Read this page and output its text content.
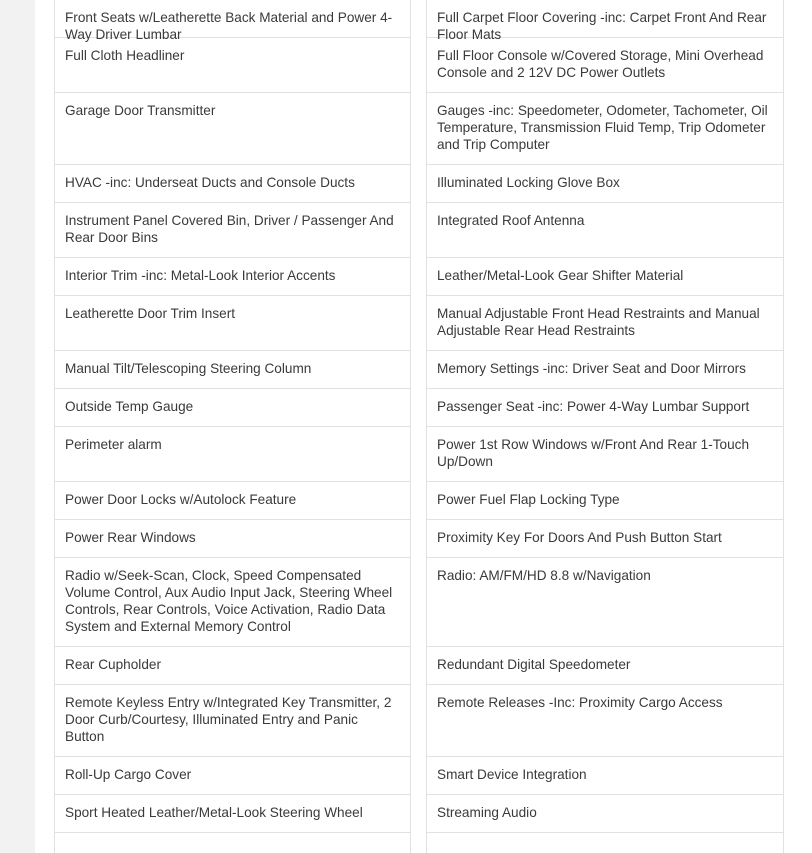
Front Seats w/Leatherette Back Material and Power 4-Way Driver Lumbar
Full Cloth Headliner
Garage Door Transmitter
HVAC -inc: Underseat Ducts and Console Ducts
Instrument Panel Covered Bin, Driver / Passenger And Rear Door Bins
Interior Trim -inc: Metal-Look Interior Accents
Leatherette Door Trim Insert
Manual Tilt/Telescoping Steering Column
Outside Temp Gauge
Perimeter alarm
Power Door Locks w/Autolock Feature
Power Rear Windows
Radio w/Seek-Scan, Clock, Speed Compensated Volume Control, Aux Audio Input Jack, Steering Wheel Controls, Rear Controls, Voice Activation, Radio Data System and External Memory Control
Rear Cupholder
Remote Keyless Entry w/Integrated Key Transmitter, 2 Door Curb/Courtesy, Illuminated Entry and Panic Button
Roll-Up Cargo Cover
Sport Heated Leather/Metal-Look Steering Wheel
Full Carpet Floor Covering -inc: Carpet Front And Rear Floor Mats
Full Floor Console w/Covered Storage, Mini Overhead Console and 2 12V DC Power Outlets
Gauges -inc: Speedometer, Odometer, Tachometer, Oil Temperature, Transmission Fluid Temp, Trip Odometer and Trip Computer
Illuminated Locking Glove Box
Integrated Roof Antenna
Leather/Metal-Look Gear Shifter Material
Manual Adjustable Front Head Restraints and Manual Adjustable Rear Head Restraints
Memory Settings -inc: Driver Seat and Door Mirrors
Passenger Seat -inc: Power 4-Way Lumbar Support
Power 1st Row Windows w/Front And Rear 1-Touch Up/Down
Power Fuel Flap Locking Type
Proximity Key For Doors And Push Button Start
Radio: AM/FM/HD 8.8 w/Navigation
Redundant Digital Speedometer
Remote Releases -Inc: Proximity Cargo Access
Smart Device Integration
Streaming Audio
